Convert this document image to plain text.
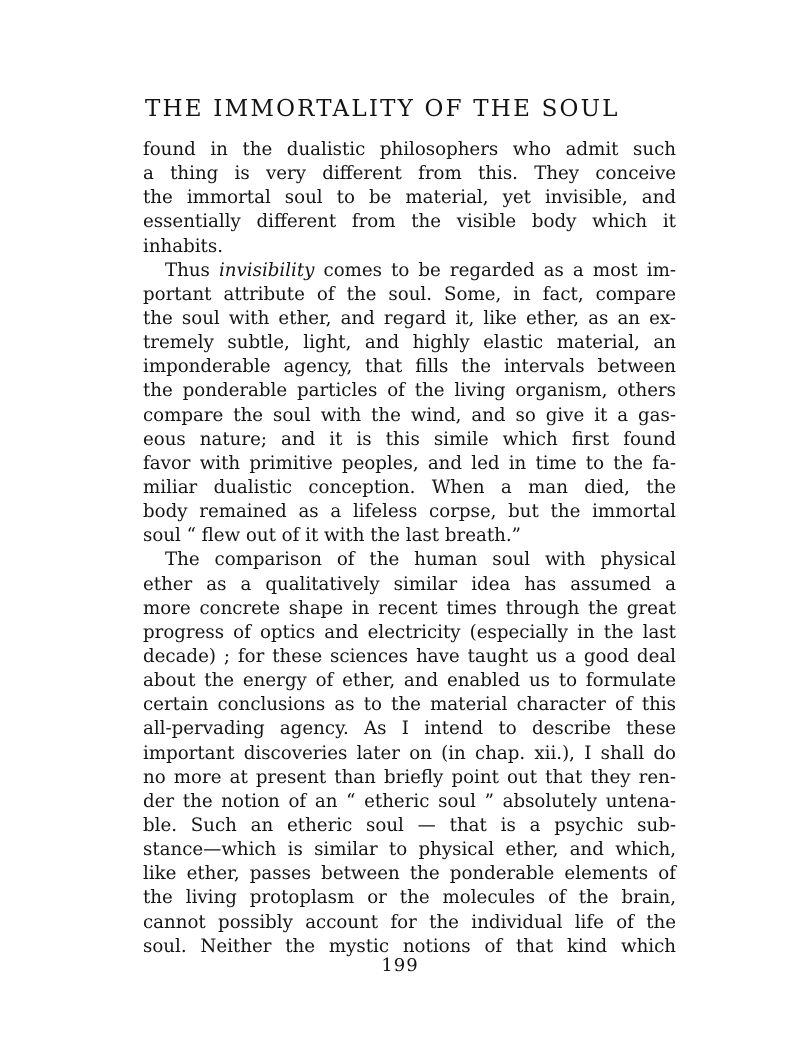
THE IMMORTALITY OF THE SOUL
found in the dualistic philosophers who admit such
a thing is very different from this. They conceive
the immortal soul to be material, yet invisible, and
essentially different from the visible body which it
inhabits.
Thus invisibility comes to be regarded as a most im-
portant attribute of the soul. Some, in fact, compare
the soul with ether, and regard it, like ether, as an ex-
tremely subtle, light, and highly elastic material, an
imponderable agency, that fills the intervals between
the ponderable particles of the living organism, others
compare the soul with the wind, and so give it a gas-
eous nature; and it is this simile which first found
favor with primitive peoples, and led in time to the fa-
miliar dualistic conception. When a man died, the
body remained as a lifeless corpse, but the immortal
soul “ flew out of it with the last breath.”
The comparison of the human soul with physical
ether as a qualitatively similar idea has assumed a
more concrete shape in recent times through the great
progress of optics and electricity (especially in the last
decade) ; for these sciences have taught us a good deal
about the energy of ether, and enabled us to formulate
certain conclusions as to the material character of this
all-pervading agency. As I intend to describe these
important discoveries later on (in chap. xii.), I shall do
no more at present than briefly point out that they ren-
der the notion of an “ etheric soul ” absolutely untena-
ble. Such an etheric soul — that is a psychic sub-
stance—which is similar to physical ether, and which,
like ether, passes between the ponderable elements of
the living protoplasm or the molecules of the brain,
cannot possibly account for the individual life of the
soul. Neither the mystic notions of that kind which
199
